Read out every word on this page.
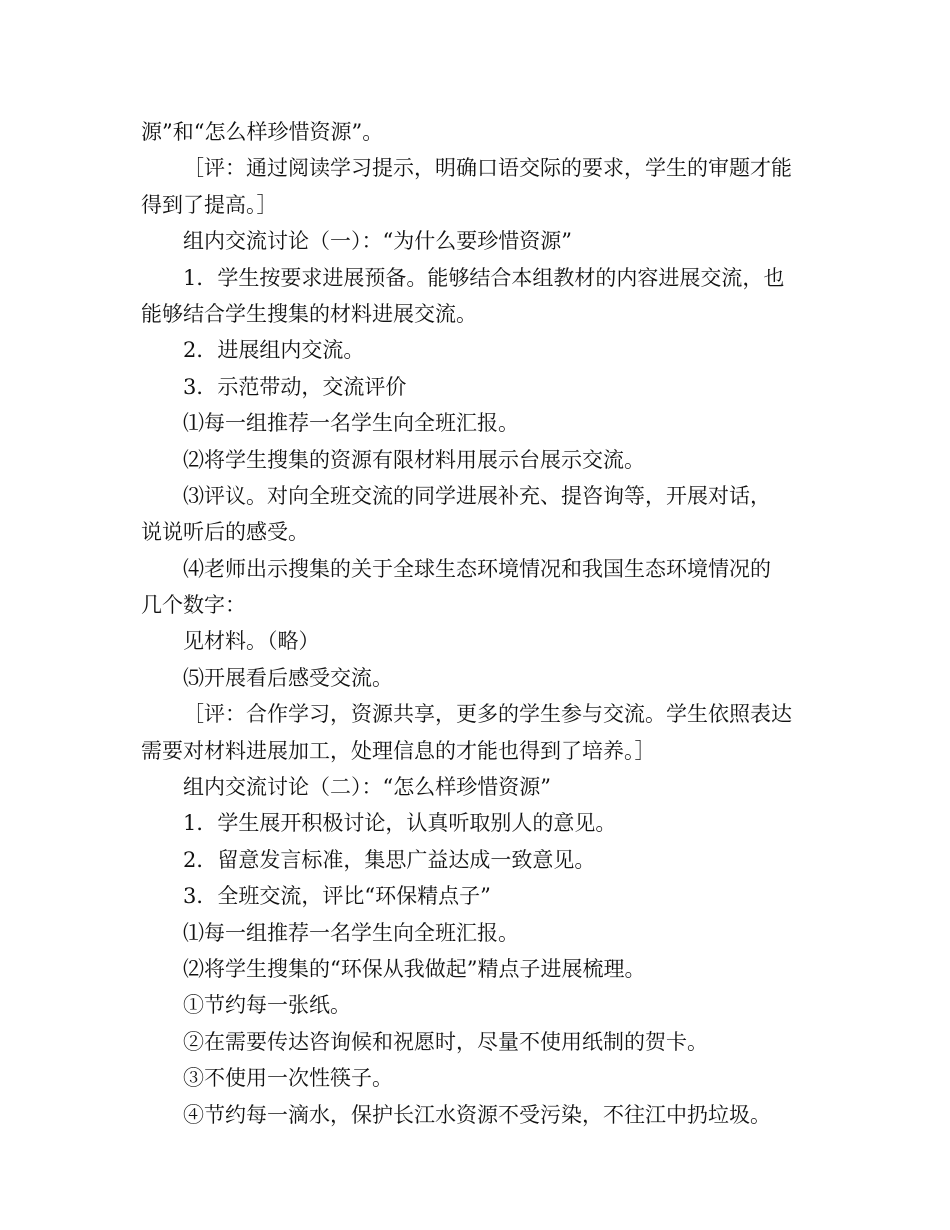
源”和“怎么样珍惜资源”。
［评：通过阅读学习提示，明确口语交际的要求，学生的审题才能
得到了提高。］
组内交流讨论（一）：“为什么要珍惜资源”
1．学生按要求进展预备。能够结合本组教材的内容进展交流，也
能够结合学生搜集的材料进展交流。
2．进展组内交流。
3．示范带动，交流评价
⑴每一组推荐一名学生向全班汇报。
⑵将学生搜集的资源有限材料用展示台展示交流。
⑶评议。对向全班交流的同学进展补充、提咨询等，开展对话，
说说听后的感受。
⑷老师出示搜集的关于全球生态环境情况和我国生态环境情况的
几个数字：
见材料。（略）
⑸开展看后感受交流。
［评：合作学习，资源共享，更多的学生参与交流。学生依照表达
需要对材料进展加工，处理信息的才能也得到了培养。］
组内交流讨论（二）：“怎么样珍惜资源”
1．学生展开积极讨论，认真听取别人的意见。
2．留意发言标准，集思广益达成一致意见。
3．全班交流，评比“环保精点子”
⑴每一组推荐一名学生向全班汇报。
⑵将学生搜集的“环保从我做起”精点子进展梳理。
①节约每一张纸。
②在需要传达咨询候和祝愿时，尽量不使用纸制的贺卡。
③不使用一次性筷子。
④节约每一滴水，保护长江水资源不受污染，不往江中扔垃圾。
